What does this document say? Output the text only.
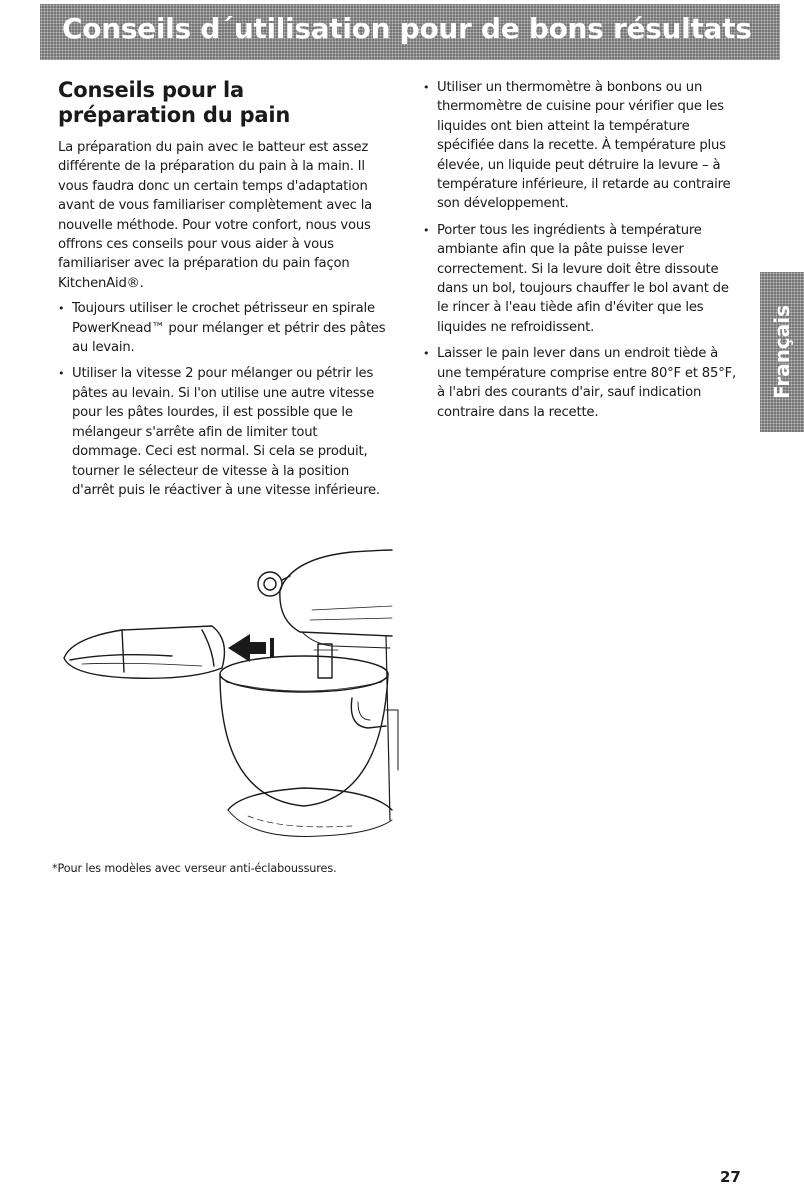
Conseils d´utilisation pour de bons résultats
Conseils pour la préparation du pain

La préparation du pain avec le batteur est assez différente de la préparation du pain à la main. Il vous faudra donc un certain temps d'adaptation avant de vous familiariser complètement avec la nouvelle méthode. Pour votre confort, nous vous offrons ces conseils pour vous aider à vous familiariser avec la préparation du pain façon KitchenAid®.

• Toujours utiliser le crochet pétrisseur en spirale PowerKnead™ pour mélanger et pétrir des pâtes au levain.
• Utiliser la vitesse 2 pour mélanger ou pétrir les pâtes au levain. Si l'on utilise une autre vitesse pour les pâtes lourdes, il est possible que le mélangeur s'arrête afin de limiter tout dommage. Ceci est normal. Si cela se produit, tourner le sélecteur de vitesse à la position d'arrêt puis le réactiver à une vitesse inférieure.
• Utiliser un thermomètre à bonbons ou un thermomètre de cuisine pour vérifier que les liquides ont bien atteint la température spécifiée dans la recette. À température plus élevée, un liquide peut détruire la levure – à température inférieure, il retarde au contraire son développement.
• Porter tous les ingrédients à température ambiante afin que la pâte puisse lever correctement. Si la levure doit être dissoute dans un bol, toujours chauffer le bol avant de le rincer à l'eau tiède afin d'éviter que les liquides ne refroidissent.
• Laisser le pain lever dans un endroit tiède à une température comprise entre 80°F et 85°F, à l'abri des courants d'air, sauf indication contraire dans la recette.
Français

*Pour les modèles avec verseur anti-éclaboussures.

27
